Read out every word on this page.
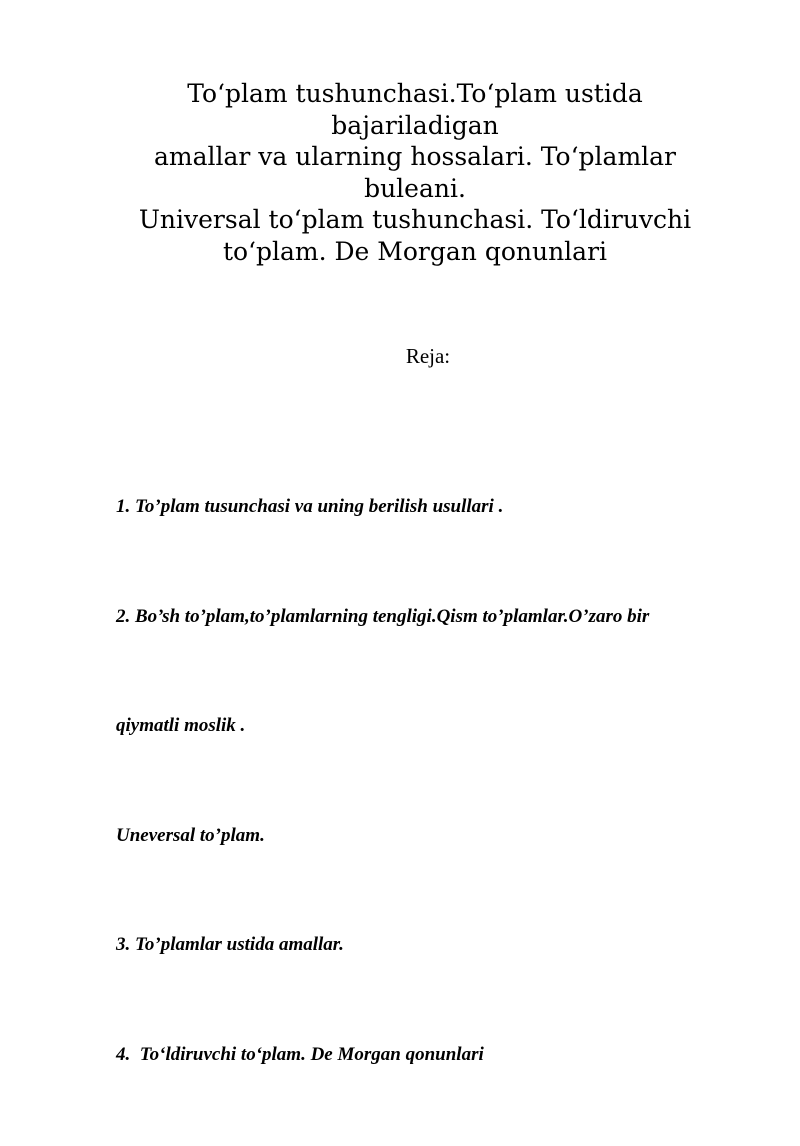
To‘plam tushunchasi.To‘plam ustida bajariladigan
amallar va ularning hossalari. To‘plamlar buleani.
Universal to‘plam tushunchasi. To‘ldiruvchi
to‘plam. De Morgan qonunlari
Reja:

1. To’plam tusunchasi va uning berilish usullari .

2. Bo’sh to’plam,to’plamlarning tengligi.Qism to’plamlar.O’zaro bir

qiymatli moslik .

Uneversal to’plam.

3. To’plamlar ustida amallar.

4.  To‘ldiruvchi to‘plam. De Morgan qonunlari
